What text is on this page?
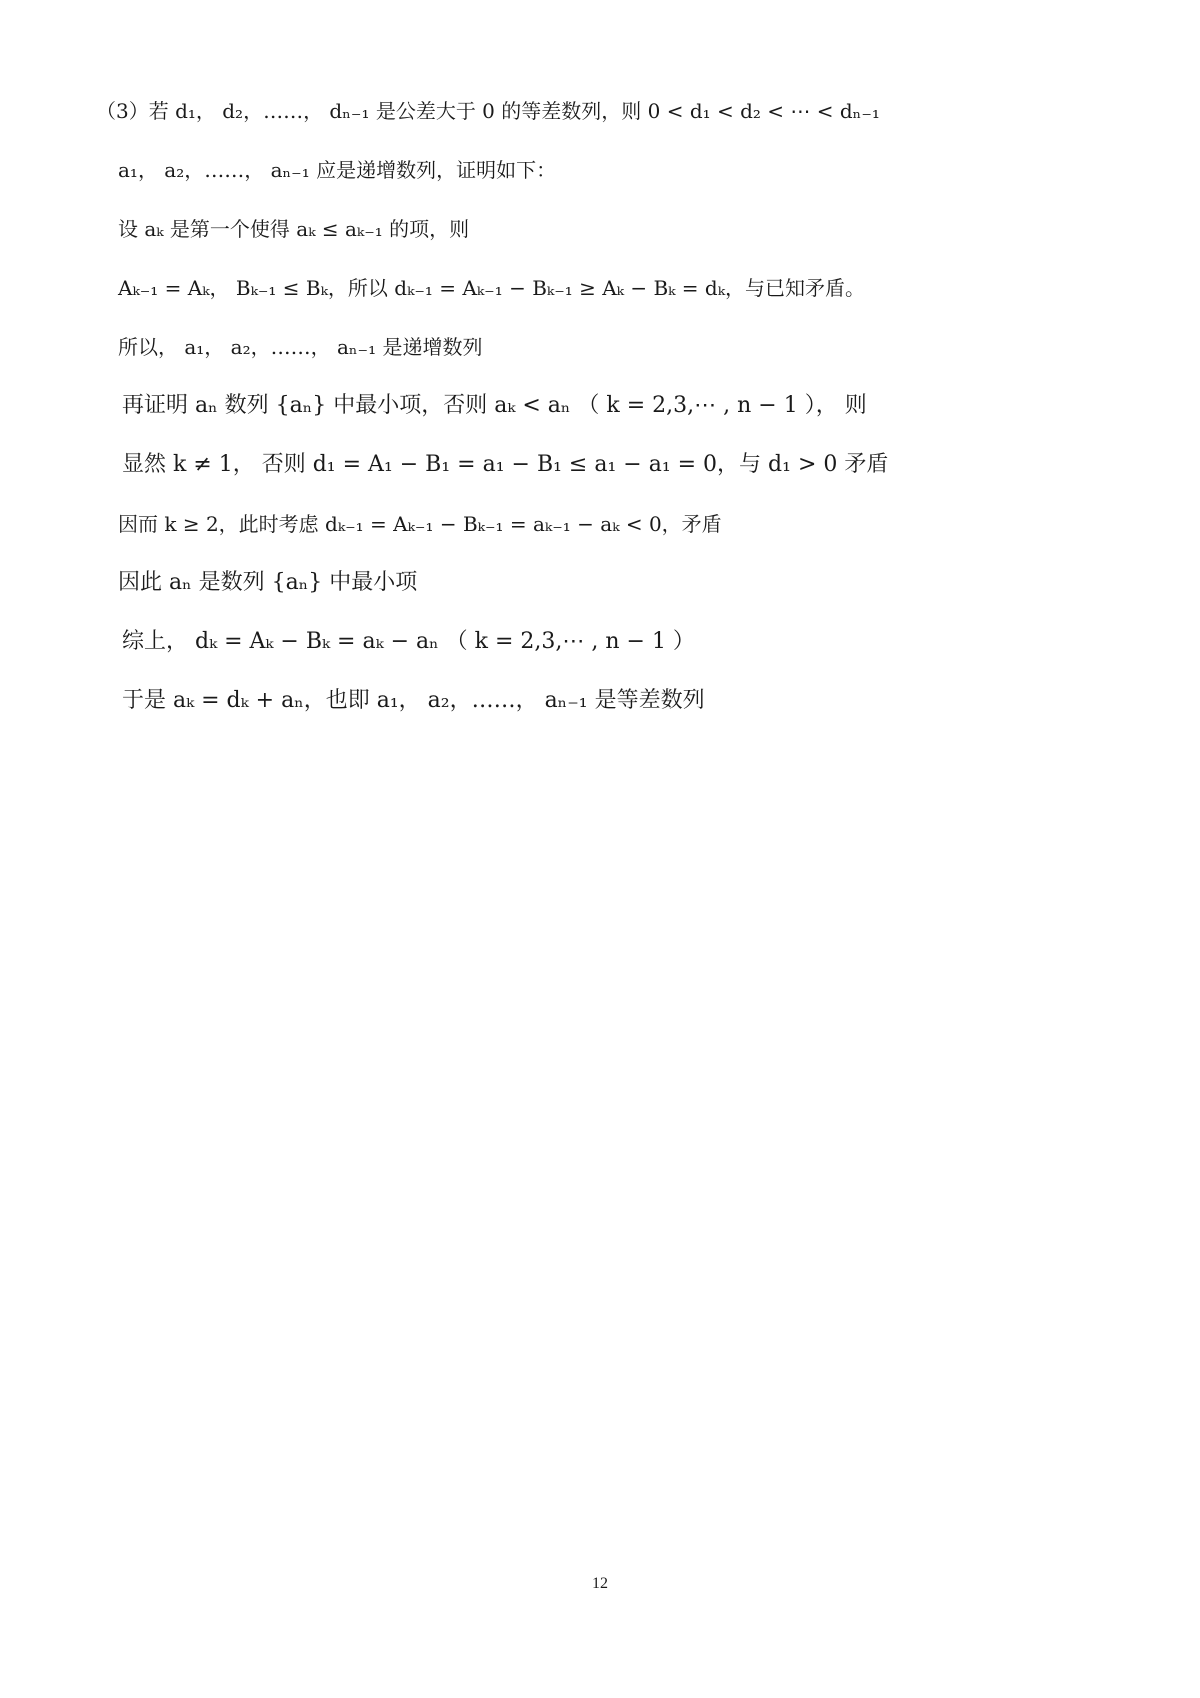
（3）若 d₁， d₂，……， dₙ₋₁ 是公差大于 0 的等差数列，则 0 < d₁ < d₂ < ⋯ < dₙ₋₁
a₁， a₂，……， aₙ₋₁ 应是递增数列，证明如下：
设 aₖ 是第一个使得 aₖ ≤ aₖ₋₁ 的项，则
Aₖ₋₁ = Aₖ， Bₖ₋₁ ≤ Bₖ，所以 dₖ₋₁ = Aₖ₋₁ − Bₖ₋₁ ≥ Aₖ − Bₖ = dₖ，与已知矛盾。
所以， a₁， a₂，……， aₙ₋₁ 是递增数列
再证明 aₙ 数列 {aₙ} 中最小项，否则 aₖ < aₙ （ k = 2,3,⋯ , n − 1 ）， 则
显然 k ≠ 1， 否则 d₁ = A₁ − B₁ = a₁ − B₁ ≤ a₁ − a₁ = 0，与 d₁ > 0 矛盾
因而 k ≥ 2，此时考虑 dₖ₋₁ = Aₖ₋₁ − Bₖ₋₁ = aₖ₋₁ − aₖ < 0，矛盾
因此 aₙ 是数列 {aₙ} 中最小项
综上， dₖ = Aₖ − Bₖ = aₖ − aₙ （ k = 2,3,⋯ , n − 1 ）
于是 aₖ = dₖ + aₙ，也即 a₁， a₂，……， aₙ₋₁ 是等差数列
12
